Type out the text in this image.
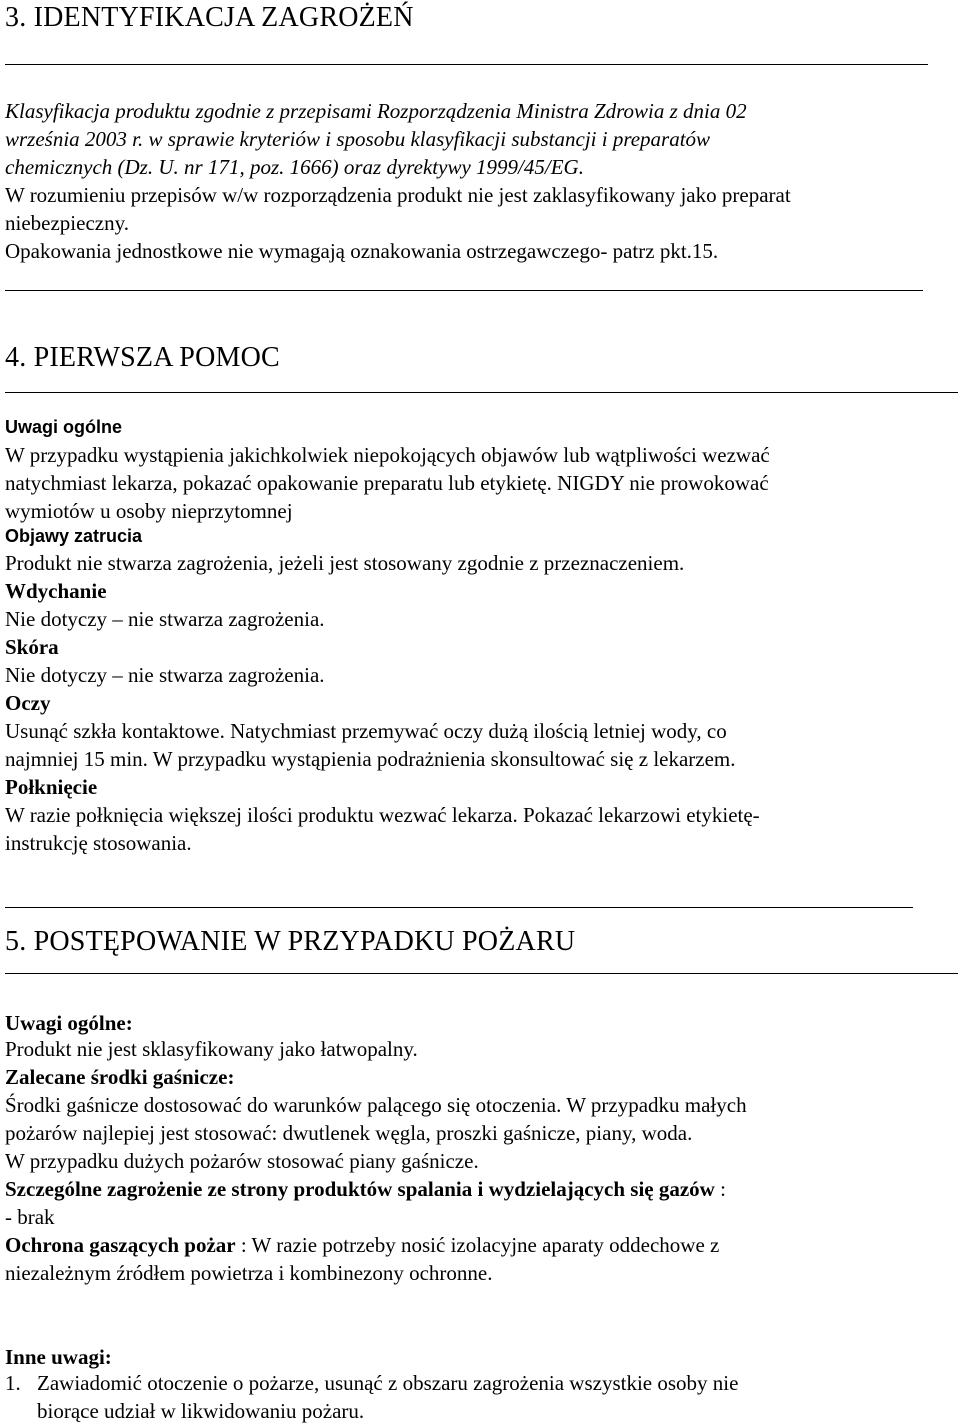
3. IDENTYFIKACJA ZAGROŻEŃ
Klasyfikacja produktu zgodnie z przepisami Rozporządzenia Ministra Zdrowia z dnia 02
września 2003 r. w sprawie kryteriów i sposobu klasyfikacji substancji i preparatów
chemicznych (Dz. U. nr 171, poz. 1666) oraz dyrektywy 1999/45/EG.
W rozumieniu przepisów w/w rozporządzenia produkt nie jest zaklasyfikowany jako preparat
niebezpieczny.
Opakowania jednostkowe nie wymagają oznakowania ostrzegawczego- patrz pkt.15.
4. PIERWSZA POMOC
Uwagi ogólne
W przypadku wystąpienia jakichkolwiek niepokojących objawów lub wątpliwości wezwać
natychmiast lekarza, pokazać opakowanie preparatu lub etykietę. NIGDY nie prowokować
wymiotów u osoby nieprzytomnej
Objawy zatrucia
Produkt nie stwarza zagrożenia, jeżeli jest stosowany zgodnie z przeznaczeniem.
Wdychanie
Nie dotyczy – nie stwarza zagrożenia.
Skóra
Nie dotyczy – nie stwarza zagrożenia.
Oczy
Usunąć szkła kontaktowe. Natychmiast przemywać oczy dużą ilością letniej wody, co
najmniej 15 min. W przypadku wystąpienia podrażnienia skonsultować się z lekarzem.
Połknięcie
W razie połknięcia większej ilości produktu wezwać lekarza. Pokazać lekarzowi etykietę-
instrukcję stosowania.
5. POSTĘPOWANIE W PRZYPADKU POŻARU
Uwagi ogólne:
Produkt nie jest sklasyfikowany jako łatwopalny.
Zalecane środki gaśnicze:
Środki gaśnicze dostosować do warunków palącego się otoczenia. W przypadku małych
pożarów najlepiej jest stosować: dwutlenek węgla, proszki gaśnicze, piany, woda.
W przypadku dużych pożarów stosować piany gaśnicze.
Szczególne zagrożenie ze strony produktów spalania i wydzielających się gazów :
- brak
Ochrona gaszących pożar : W razie potrzeby nosić izolacyjne aparaty oddechowe z
niezależnym źródłem powietrza i kombinezony ochronne.
Inne uwagi:
1. Zawiadomić otoczenie o pożarze, usunąć z obszaru zagrożenia wszystkie osoby nie
biorące udział w likwidowaniu pożaru.
